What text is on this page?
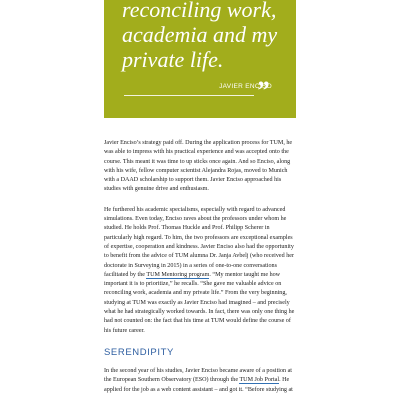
reconciling work, academia and my private life.

JAVIER ENCISO
”

Javier Enciso’s strategy paid off. During the application process for TUM, he was able to impress with his practical experience and was accepted onto the course. This meant it was time to up sticks once again. And so Enciso, along with his wife, fellow computer scientist Alejandra Rojas, moved to Munich with a DAAD scholarship to support them. Javier Enciso approached his studies with genuine drive and enthusiasm.

He furthered his academic specialisms, especially with regard to advanced simulations. Even today, Enciso raves about the professors under whom he studied. He holds Prof. Thomas Huckle and Prof. Philipp Scherer in particularly high regard. To him, the two professors are exceptional examples of expertise, cooperation and kindness. Javier Enciso also had the opportunity to benefit from the advice of TUM alumna Dr. Janja Avbelj (who received her doctorate in Surveying in 2015) in a series of one-to-one conversations facilitated by the TUM Mentoring program. “My mentor taught me how important it is to prioritize,” he recalls. “She gave me valuable advice on reconciling work, academia and my private life.” From the very beginning, studying at TUM was exactly as Javier Enciso had imagined – and precisely what he had strategically worked towards. In fact, there was only one thing he had not counted on: the fact that his time at TUM would define the course of his future career.

SERENDIPITY

In the second year of his studies, Javier Enciso became aware of a position at the European Southern Observatory (ESO) through the TUM Job Portal. He applied for the job as a web content assistant – and got it. “Before studying at
